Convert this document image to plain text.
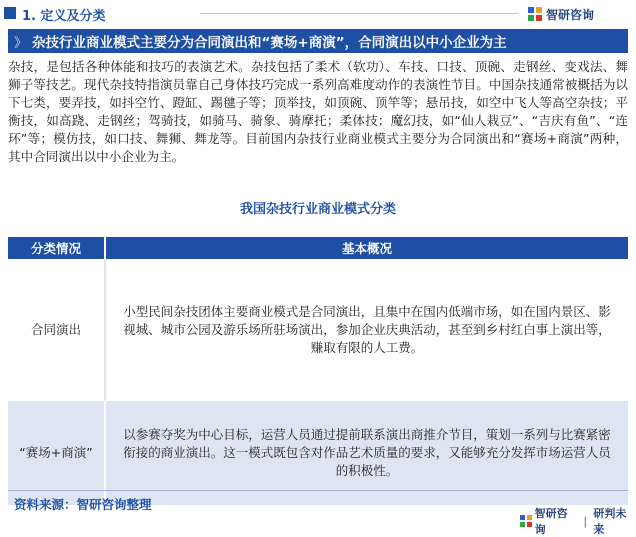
1. 定义及分类	智研咨询
》 杂技行业商业模式主要分为合同演出和“赛场+商演”，合同演出以中小企业为主
杂技，是包括各种体能和技巧的表演艺术。杂技包括了柔术（软功）、车技、口技、顶碗、走钢丝、变戏法、舞狮子等技艺。现代杂技特指演员靠自己身体技巧完成一系列高难度动作的表演性节目。中国杂技通常被概括为以下七类，要弄技，如抖空竹、蹬缸、踢毽子等；顶举技，如顶碗、顶竿等；悬吊技，如空中飞人等高空杂技；平衡技，如高跷、走钢丝；驾骑技，如骑马、骑象、骑摩托；柔体技；魔幻技，如“仙人栽豆”、“吉庆有鱼”、“连环”等；模仿技，如口技、舞狮、舞龙等。目前国内杂技行业商业模式主要分为合同演出和“赛场+商演”两种，其中合同演出以中小企业为主。
我国杂技行业商业模式分类
分类情况	基本概况
合同演出	小型民间杂技团体主要商业模式是合同演出，且集中在国内低端市场，如在国内景区、影视城、城市公园及游乐场所驻场演出，参加企业庆典活动，甚至到乡村红白事上演出等，赚取有限的人工费。
“赛场+商演”	以参赛夺奖为中心目标，运营人员通过提前联系演出商推介节目，策划一系列与比赛紧密衔接的商业演出。这一模式既包含对作品艺术质量的要求，又能够充分发挥市场运营人员的积极性。
资料来源：智研咨询整理
智研咨询
|
研判未来
